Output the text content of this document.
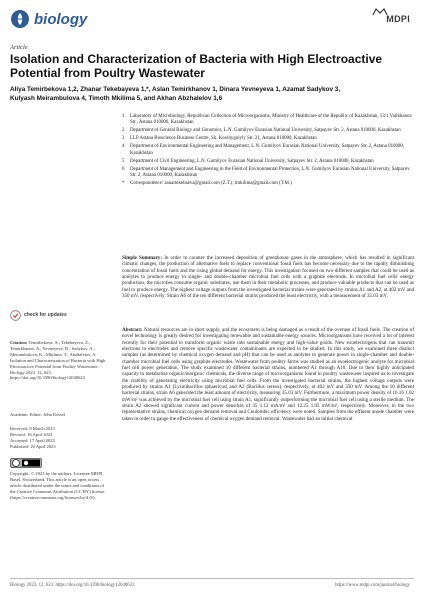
biology	MDPI
Article
Isolation and Characterization of Bacteria with High Electroactive Potential from Poultry Wastewater
Aliya Temirbekova 1,2, Zhanar Tekebayeva 1,*, Aslan Temirkhanov 1, Dinara Yevneyeva 1, Azamat Sadykov 3,
Kulyash Meirambulova 4, Timoth Mkilima 5, and Akhan Abzhalelov 1,6
1	Laboratory of Microbiology, Republican Collection of Microorganisms, Ministry of Healthcare of the Republic of Kazakhstan, 13/1 Valikhanov Str., Astana 010000, Kazakhstan
2	Department of General Biology and Genomics, L.N. Gumilyov Eurasian National University, Satpayev Str. 2, Astana 010000, Kazakhstan
3	LLP Astana Bioscience Business Centre, Sh. Kosshygulyly Str. 21, Astana 010000, Kazakhstan
4	Department of Environmental Engineering and Management, L.N. Gumilyov Eurasian National University, Satpayev Str. 2, Astana 010000, Kazakhstan
5	Department of Civil Engineering, L.N. Gumilyov Eurasian National University, Satpayev Str. 2, Astana 010000, Kazakhstan
6	Department of Management and Engineering in the Field of Environmental Protection, L.N. Gumilyov Eurasian National University, Satpayev Str. 2, Astana 010000, Kazakhstan
*	Correspondence: zanartekebaeva@gmail.com (Z.T.); tmkilima@gmail.com (T.M.)
check for updates
Citation: Temirbekova, A.; Tekebayeva, Z.; Temirkhanov, A.; Yevneyeva, D.; Sadykov, A.; Meirambulova, K.; Mkilima, T.; Abzhalelov, A. Isolation and Characterization of Bacteria with High Electroactive Potential from Poultry Wastewater. Biology 2023, 12, 623. https://doi.org/10.3390/biology12040623
Academic Editor: John Kessel
Received: 8 March 2023
Revised: 16 April 2023
Accepted: 17 April 2023
Published: 20 April 2023
Copyright: © 2023 by the authors. Licensee MDPI, Basel, Switzerland. This article is an open access article distributed under the terms and conditions of the Creative Commons Attribution (CC BY) license (https://creativecommons.org/licenses/by/4.0/).
Simple Summary: In order to counter the increased deposition of greenhouse gases in the atmosphere, which has resulted in significant climatic changes, the production of alternative fuels to replace conventional fossil fuels has become necessary due to the rapidly diminishing concentration of fossil fuels and the rising global demand for energy. This investigation focused on two different samples that could be used as anolytes to produce energy in single- and double-chamber microbial fuel cells with a graphite electrode. In microbial fuel cells' energy production, the microbes consume organic substrates, use them in their metabolic processes, and produce valuable products that can be used as fuel to produce energy. The highest voltage outputs from the investigated bacterial strains were generated by strains A1 and A2, at 402 mV and 350 mV, respectively. Strain A6 of the ten different bacterial strains produced the least electricity, with a measurement of 35.03 mV.
Abstract: Natural resources are in short supply, and the ecosystem is being damaged as a result of the overuse of fossil fuels. The creation of novel technology is greatly desired for investigating renewable and sustainable energy sources. Microorganisms have received a lot of interest recently for their potential to transform organic waste into sustainable energy and high-value goods. New exoelectrogens that can transmit electrons to electrodes and remove specific wastewater contaminants are expected to be studied. In this study, we examined three distinct samples (as determined by chemical oxygen demand and pH) that can be used as anolytes to generate power in single-chamber and double-chamber microbial fuel cells using graphite electrodes. Wastewater from poultry farms was studied as an exoelectrogenic anolyte for microbial fuel cell power generation. The study examined 10 different bacterial strains, numbered A1 through A10. Due to their highly anticipated capacity to metabolize organic/inorganic chemicals, the diverse range of microorganisms found in poultry wastewater inspired us to investigate the viability of generating electricity using microbial fuel cells. From the investigated bacterial strains, the highest voltage outputs were produced by strains A1 (Lysinibacillus sphaericus) and A2 (Bacillus cereus), respectively, at 402 mV and 350 mV. Among the 10 different bacterial strains, strain A6 generated the least amount of electricity, measuring 35.03 mV. Furthermore, a maximum power density of 16.16 1.02 mW/m² was achieved by the microbial fuel cell using strain A1, significantly outperforming the microbial fuel cell using a sterile medium. The strain A2 showed significant current and power densities of 35 1.12 mA/m² and 12.25 1.05 mW/m², respectively. Moreover, in the two representative strains, chemical oxygen demand removal and Coulombic efficiency were noted. Samples from the effluent anode chamber were taken in order to gauge the effectiveness of chemical oxygen demand removal. Wastewater had an initial chemical
Biology 2023, 12, 623. https://doi.org/10.3390/biology12040623	https://www.mdpi.com/journal/biology
